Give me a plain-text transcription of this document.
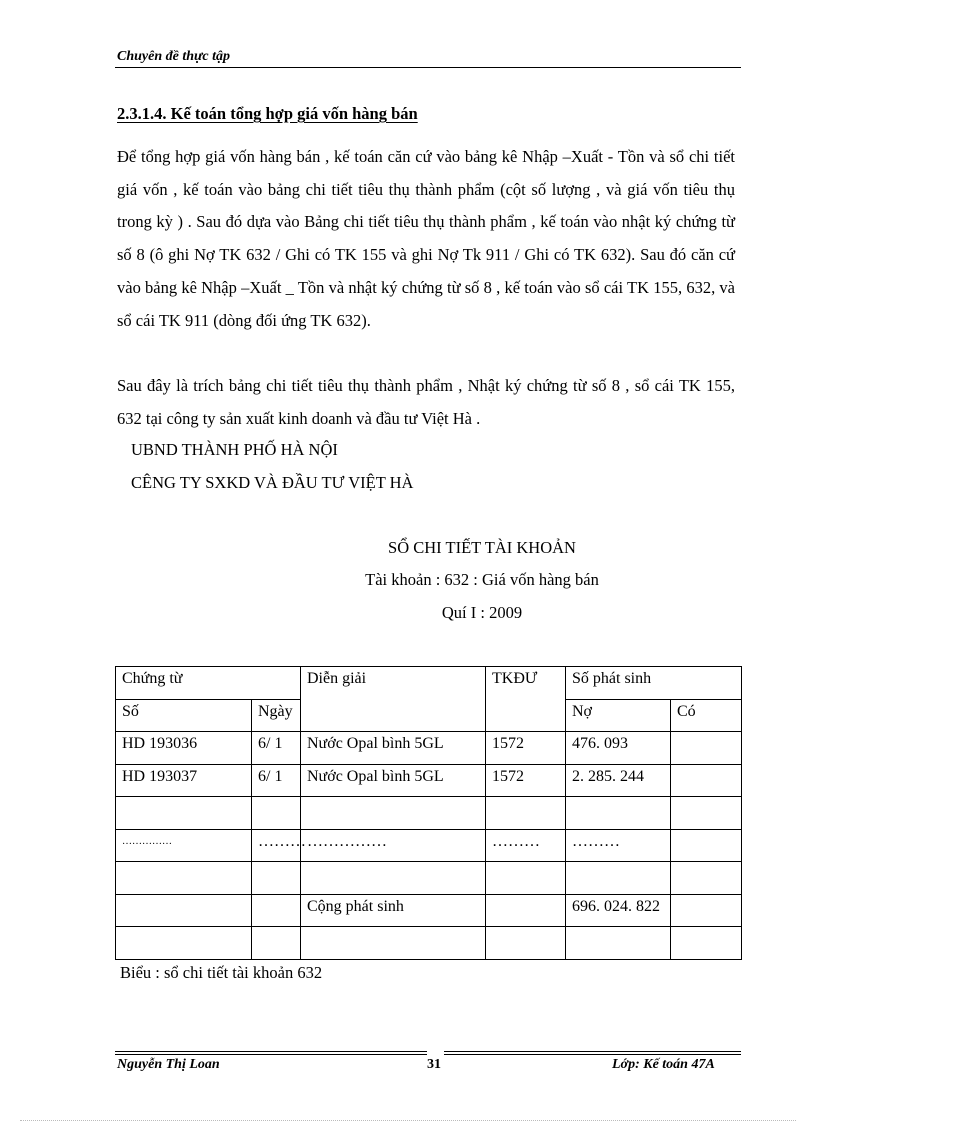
Chuyên đề thực tập
2.3.1.4. Kế toán tổng hợp giá vốn hàng bán
Để tổng hợp giá vốn hàng bán , kế toán căn cứ vào bảng kê Nhập –Xuất - Tồn và sổ chi tiết giá vốn , kế toán vào bảng chi tiết tiêu thụ thành phẩm (cột số lượng , và giá vốn tiêu thụ trong kỳ ) . Sau đó dựa vào Bảng chi tiết tiêu thụ thành phẩm , kế toán vào nhật ký chứng từ số 8 (ô ghi Nợ TK 632 / Ghi có TK 155 và ghi Nợ Tk 911 / Ghi có TK 632). Sau đó căn cứ vào bảng kê Nhập –Xuất _ Tồn và nhật ký chứng từ số 8 , kế toán vào sổ cái TK 155, 632, và sổ cái TK 911 (dòng đối ứng TK 632).
Sau đây là trích bảng chi tiết tiêu thụ thành phẩm , Nhật ký chứng từ số 8 , sổ cái TK 155, 632 tại công ty sản xuất kinh doanh và đầu tư Việt Hà .
UBND THÀNH PHỐ HÀ NỘI
CÊNG TY SXKD VÀ ĐẦU TƯ VIỆT HÀ
SỔ CHI TIẾT TÀI KHOẢN
Tài khoản : 632 : Giá vốn hàng bán
Quí I : 2009
Chứng từ		Diễn giải	TKĐƯ	Số phát sinh	
Số	Ngày			Nợ	Có
HD 193036	6/ 1	Nước Opal bình 5GL	1572	476. 093	
HD 193037	6/ 1	Nước Opal bình 5GL	1572	2. 285. 244	

……………	………	……………	………	………	

		Cộng phát sinh		696. 024. 822	

Biểu : sổ chi tiết tài khoản 632
Nguyễn Thị Loan	31	Lớp: Kế toán 47A
